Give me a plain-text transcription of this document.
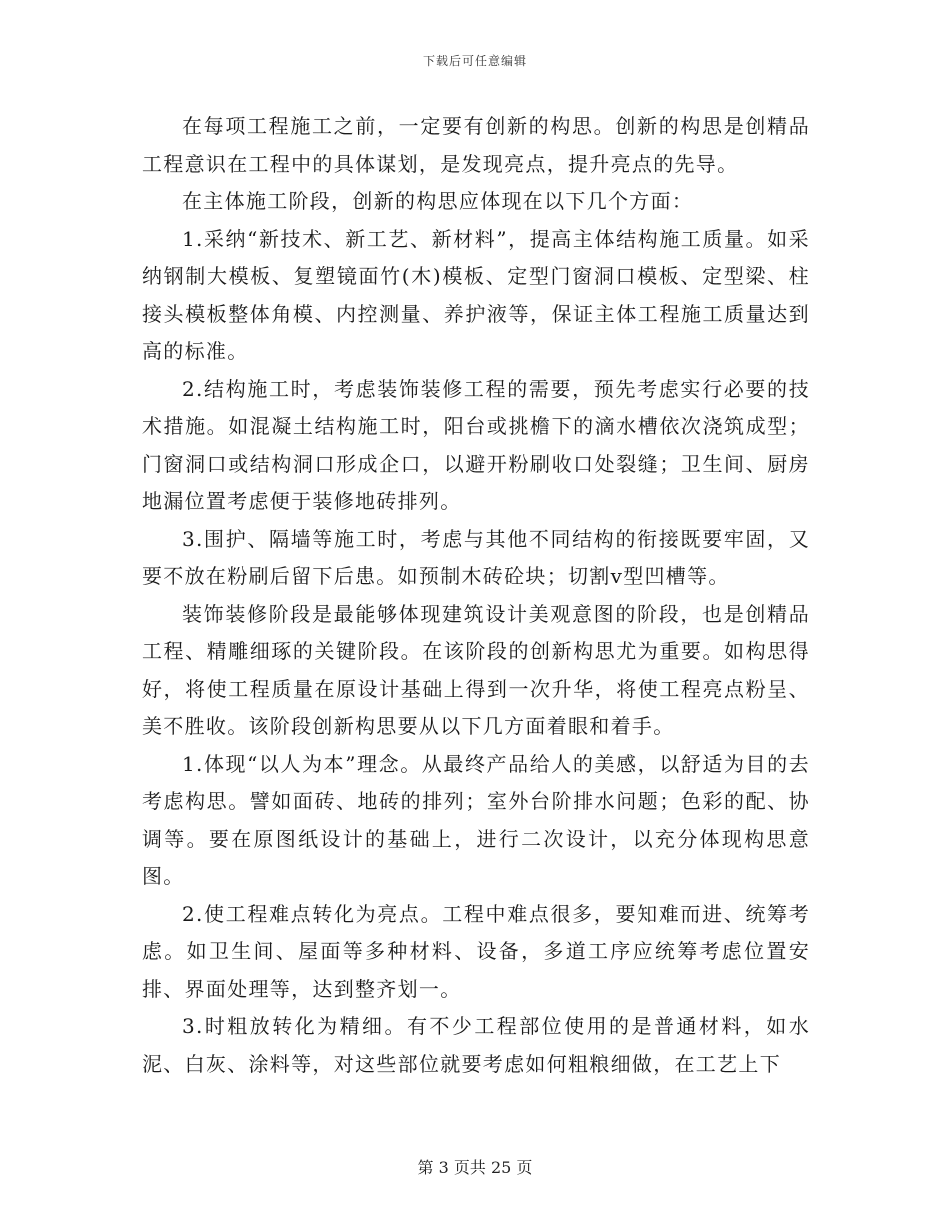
下载后可任意编辑

在每项工程施工之前，一定要有创新的构思。创新的构思是创精品工程意识在工程中的具体谋划，是发现亮点，提升亮点的先导。

在主体施工阶段，创新的构思应体现在以下几个方面：

1.采纳“新技术、新工艺、新材料”，提高主体结构施工质量。如采纳钢制大模板、复塑镜面竹(木)模板、定型门窗洞口模板、定型梁、柱接头模板整体角模、内控测量、养护液等，保证主体工程施工质量达到高的标准。

2.结构施工时，考虑装饰装修工程的需要，预先考虑实行必要的技术措施。如混凝土结构施工时，阳台或挑檐下的滴水槽依次浇筑成型；门窗洞口或结构洞口形成企口，以避开粉刷收口处裂缝；卫生间、厨房地漏位置考虑便于装修地砖排列。

3.围护、隔墙等施工时，考虑与其他不同结构的衔接既要牢固，又要不放在粉刷后留下后患。如预制木砖砼块；切割v型凹槽等。

装饰装修阶段是最能够体现建筑设计美观意图的阶段，也是创精品工程、精雕细琢的关键阶段。在该阶段的创新构思尤为重要。如构思得好，将使工程质量在原设计基础上得到一次升华，将使工程亮点粉呈、美不胜收。该阶段创新构思要从以下几方面着眼和着手。

1.体现“以人为本”理念。从最终产品给人的美感，以舒适为目的去考虑构思。譬如面砖、地砖的排列；室外台阶排水问题；色彩的配、协调等。要在原图纸设计的基础上，进行二次设计，以充分体现构思意图。

2.使工程难点转化为亮点。工程中难点很多，要知难而进、统筹考虑。如卫生间、屋面等多种材料、设备，多道工序应统筹考虑位置安排、界面处理等，达到整齐划一。

3.时粗放转化为精细。有不少工程部位使用的是普通材料，如水泥、白灰、涂料等，对这些部位就要考虑如何粗粮细做，在工艺上下

第 3 页共 25 页
